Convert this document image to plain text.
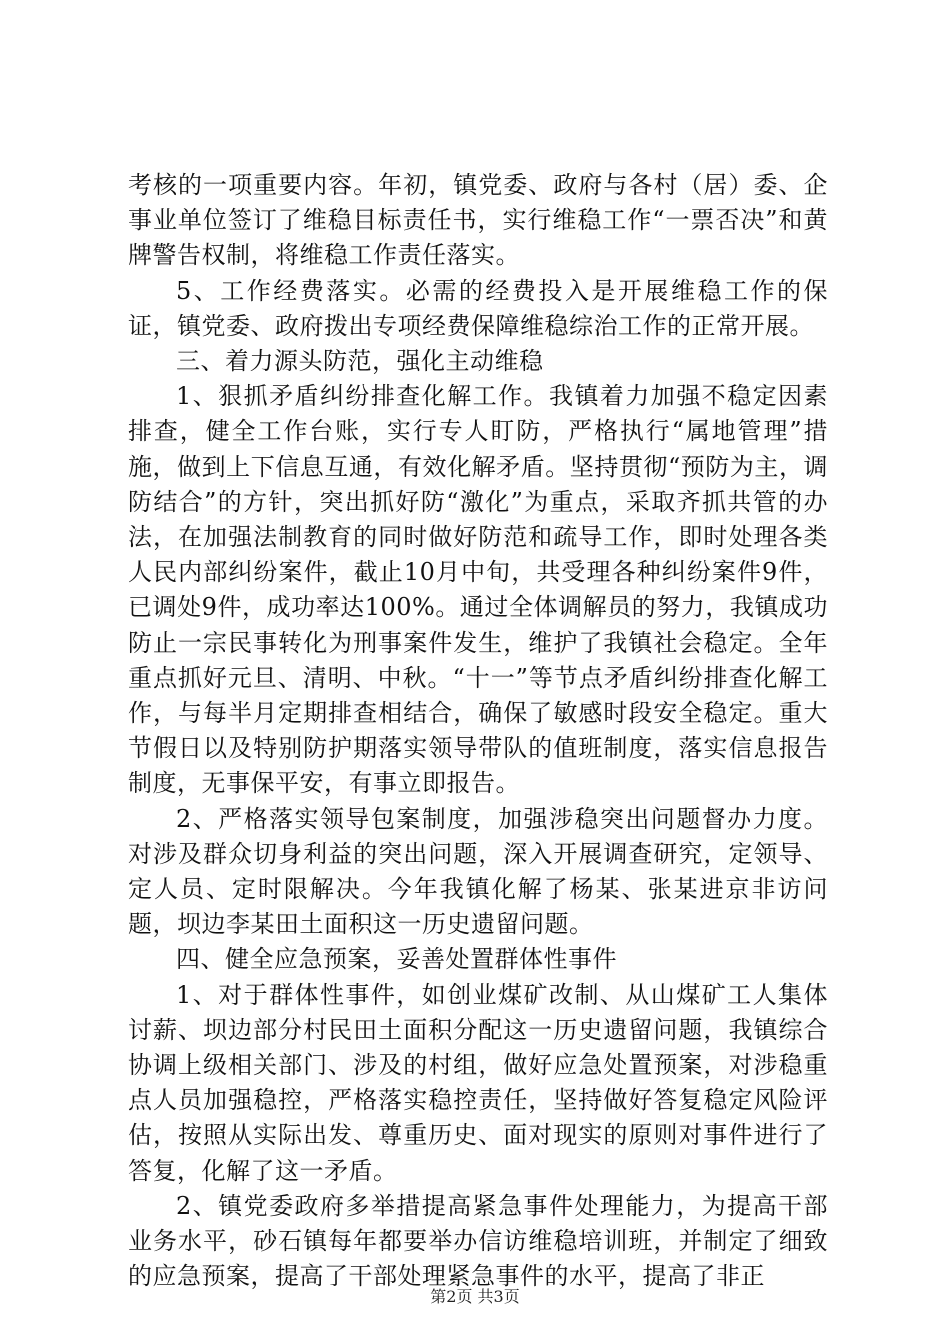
考核的一项重要内容。年初，镇党委、政府与各村（居）委、企事业单位签订了维稳目标责任书，实行维稳工作“一票否决”和黄牌警告权制，将维稳工作责任落实。

5、工作经费落实。必需的经费投入是开展维稳工作的保证，镇党委、政府拨出专项经费保障维稳综治工作的正常开展。

三、着力源头防范，强化主动维稳

1、狠抓矛盾纠纷排查化解工作。我镇着力加强不稳定因素排查，健全工作台账，实行专人盯防，严格执行“属地管理”措施，做到上下信息互通，有效化解矛盾。坚持贯彻“预防为主，调防结合”的方针，突出抓好防“激化”为重点，采取齐抓共管的办法，在加强法制教育的同时做好防范和疏导工作，即时处理各类人民内部纠纷案件，截止10月中旬，共受理各种纠纷案件9件，已调处9件，成功率达100%。通过全体调解员的努力，我镇成功防止一宗民事转化为刑事案件发生，维护了我镇社会稳定。全年重点抓好元旦、清明、中秋。“十一”等节点矛盾纠纷排查化解工作，与每半月定期排查相结合，确保了敏感时段安全稳定。重大节假日以及特别防护期落实领导带队的值班制度，落实信息报告制度，无事保平安，有事立即报告。

2、严格落实领导包案制度，加强涉稳突出问题督办力度。对涉及群众切身利益的突出问题，深入开展调查研究，定领导、定人员、定时限解决。今年我镇化解了杨某、张某进京非访问题，坝边李某田土面积这一历史遗留问题。

四、健全应急预案，妥善处置群体性事件

1、对于群体性事件，如创业煤矿改制、从山煤矿工人集体讨薪、坝边部分村民田土面积分配这一历史遗留问题，我镇综合协调上级相关部门、涉及的村组，做好应急处置预案，对涉稳重点人员加强稳控，严格落实稳控责任，坚持做好答复稳定风险评估，按照从实际出发、尊重历史、面对现实的原则对事件进行了答复，化解了这一矛盾。

2、镇党委政府多举措提高紧急事件处理能力，为提高干部业务水平，砂石镇每年都要举办信访维稳培训班，并制定了细致的应急预案，提高了干部处理紧急事件的水平，提高了非正

第2页 共3页
